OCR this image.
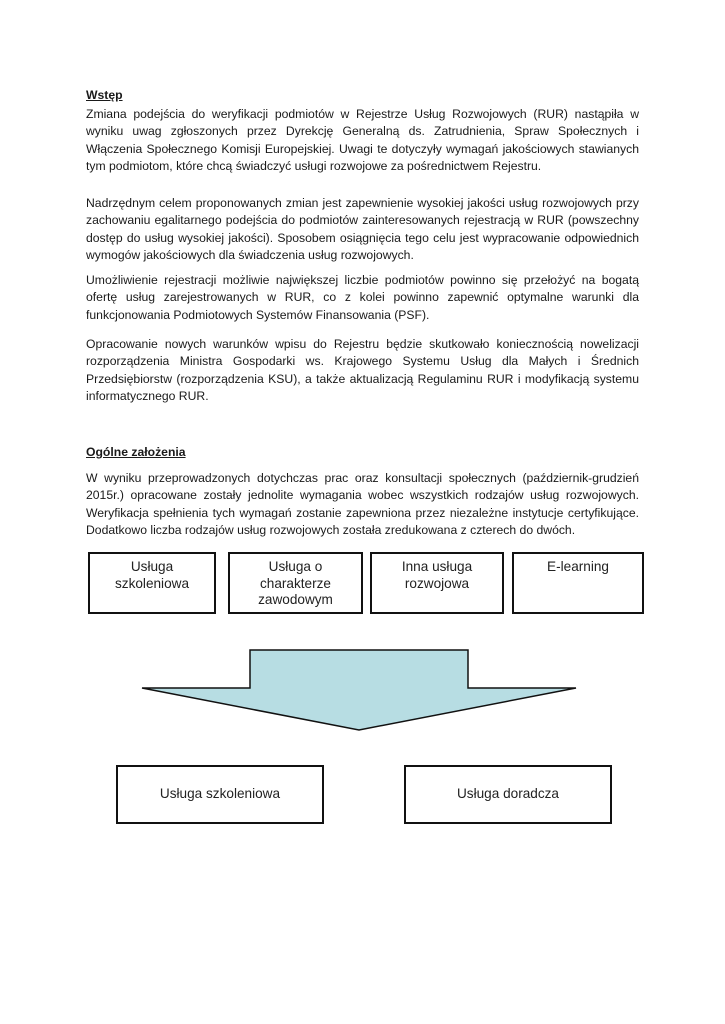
Wstęp

Zmiana podejścia do weryfikacji podmiotów w Rejestrze Usług Rozwojowych (RUR) nastąpiła w wyniku uwag zgłoszonych przez Dyrekcję Generalną ds. Zatrudnienia, Spraw Społecznych i Włączenia Społecznego Komisji Europejskiej. Uwagi te dotyczyły wymagań jakościowych stawianych tym podmiotom, które chcą świadczyć usługi rozwojowe za pośrednictwem Rejestru.

Nadrzędnym celem proponowanych zmian jest zapewnienie wysokiej jakości usług rozwojowych przy zachowaniu egalitarnego podejścia do podmiotów zainteresowanych rejestracją w RUR (powszechny dostęp do usług wysokiej jakości). Sposobem osiągnięcia tego celu jest wypracowanie odpowiednich wymogów jakościowych dla świadczenia usług rozwojowych.

Umożliwienie rejestracji możliwie największej liczbie podmiotów powinno się przełożyć na bogatą ofertę usług zarejestrowanych w RUR, co z kolei powinno zapewnić optymalne warunki dla funkcjonowania Podmiotowych Systemów Finansowania (PSF).

Opracowanie nowych warunków wpisu do Rejestru będzie skutkowało koniecznością nowelizacji rozporządzenia Ministra Gospodarki ws. Krajowego Systemu Usług dla Małych i Średnich Przedsiębiorstw (rozporządzenia KSU), a także aktualizacją Regulaminu RUR i modyfikacją systemu informatycznego RUR.

Ogólne założenia

W wyniku przeprowadzonych dotychczas prac oraz konsultacji społecznych (październik-grudzień 2015r.) opracowane zostały jednolite wymagania wobec wszystkich rodzajów usług rozwojowych. Weryfikacja spełnienia tych wymagań zostanie zapewniona przez niezależne instytucje certyfikujące. Dodatkowo liczba rodzajów usług rozwojowych została zredukowana z czterech do dwóch.

Usługa
szkoleniowa
Usługa o
charakterze
zawodowym
Inna usługa
rozwojowa
E-learning
Usługa szkoleniowa	Usługa doradcza
